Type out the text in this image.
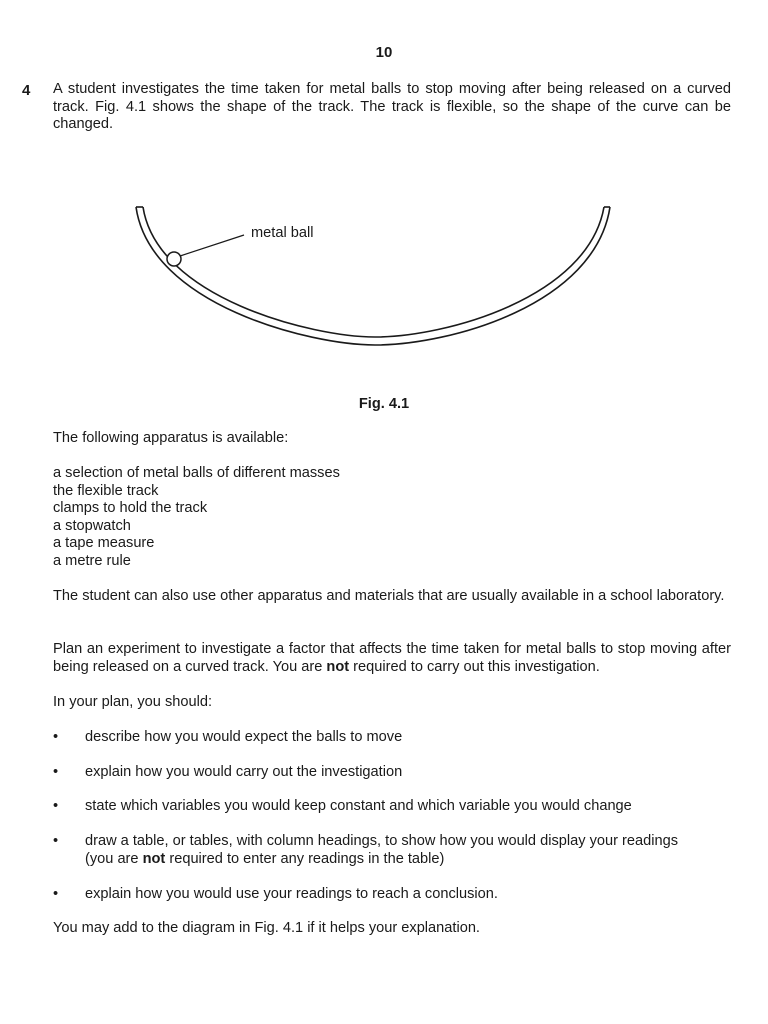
10
4 A student investigates the time taken for metal balls to stop moving after being released on a curved track. Fig. 4.1 shows the shape of the track. The track is flexible, so the shape of the curve can be changed.
metal ball
Fig. 4.1
The following apparatus is available:
a selection of metal balls of different masses
the flexible track
clamps to hold the track
a stopwatch
a tape measure
a metre rule
The student can also use other apparatus and materials that are usually available in a school laboratory.
Plan an experiment to investigate a factor that affects the time taken for metal balls to stop moving after being released on a curved track. You are not required to carry out this investigation.
In your plan, you should:
• describe how you would expect the balls to move
• explain how you would carry out the investigation
• state which variables you would keep constant and which variable you would change
• draw a table, or tables, with column headings, to show how you would display your readings
(you are not required to enter any readings in the table)
• explain how you would use your readings to reach a conclusion.
You may add to the diagram in Fig. 4.1 if it helps your explanation.
